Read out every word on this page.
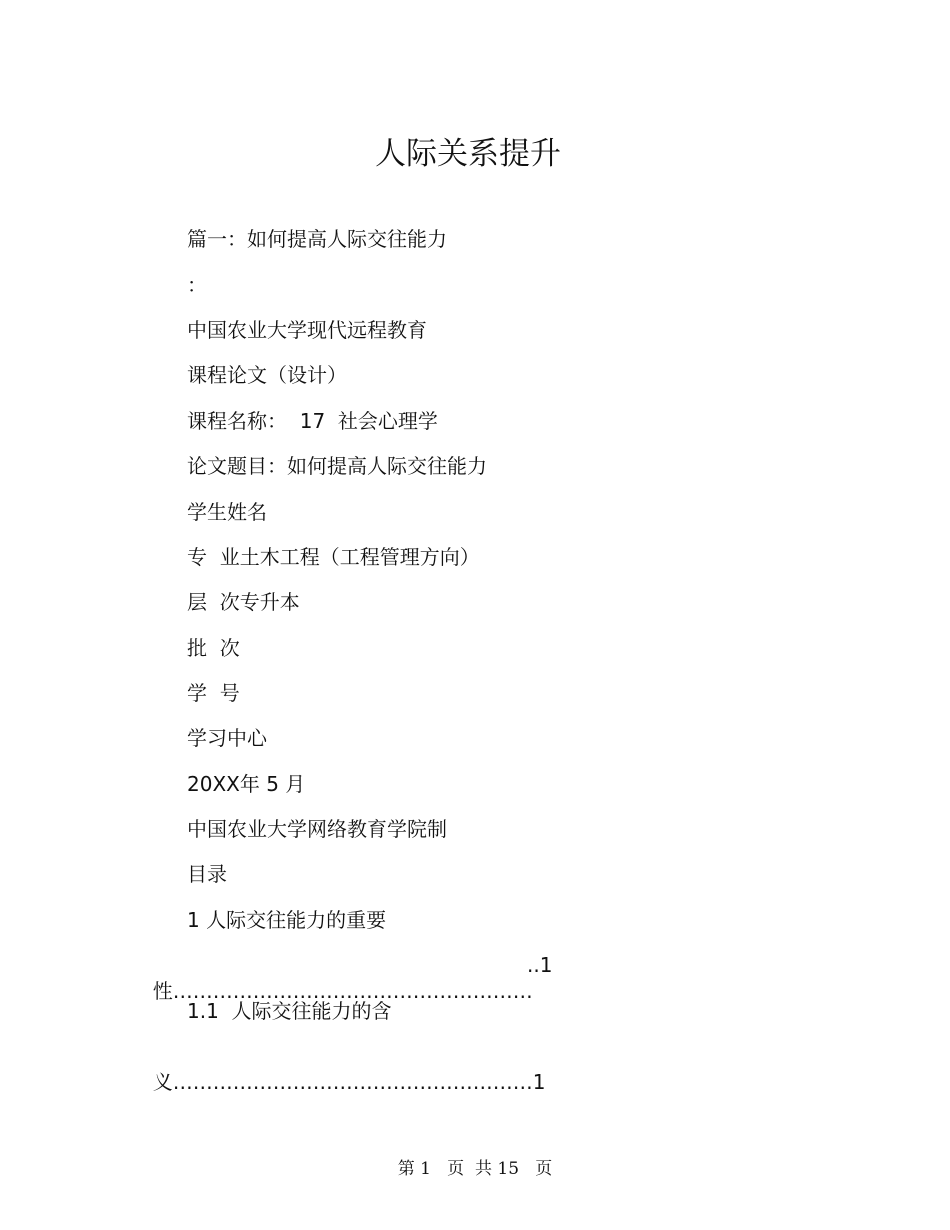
人际关系提升
篇一：如何提高人际交往能力
：
中国农业大学现代远程教育
课程论文（设计）
课程名称：  17  社会心理学
论文题目：如何提高人际交往能力
学生姓名
专  业土木工程（工程管理方向）
层  次专升本
批  次
学  号
学习中心
20XX年 5 月
中国农业大学网络教育学院制
目录
1 人际交往能力的重要

性………………………………………………

..1
1.1  人际交往能力的含

义………………………………………………1

第 1   页  共 15   页
